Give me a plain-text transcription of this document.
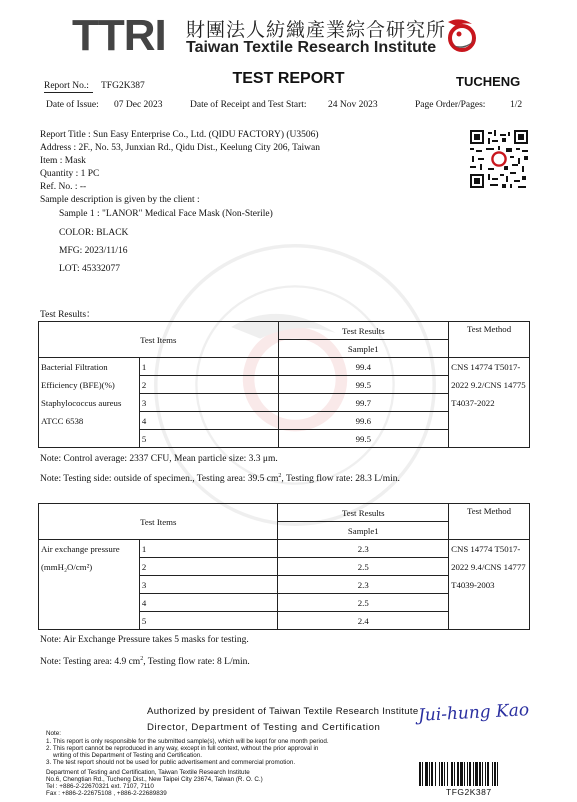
TTRI 財團法人紡織產業綜合研究所
Taiwan Textile Research Institute
TEST REPORT	TUCHENG
Report No.: TFG2K387
Date of Issue: 07 Dec 2023	Date of Receipt and Test Start: 24 Nov 2023	Page Order/Pages:	1/2
Report Title : Sun Easy Enterprise Co., Ltd. (QIDU FACTORY) (U3506)
Address : 2F., No. 53, Junxian Rd., Qidu Dist., Keelung City 206, Taiwan
Item : Mask
Quantity : 1 PC
Ref. No. : --
Sample description is given by the client :
Sample 1 : "LANOR" Medical Face Mask (Non-Sterile)
COLOR: BLACK
MFG: 2023/11/16
LOT: 45332077
Test Results：
Test Items		Test Results	Test Method
		Sample1	
Bacterial Filtration	1	99.4	CNS 14774 T5017-
Efficiency (BFE)(%)	2	99.5	2022 9.2/CNS 14775
Staphylococcus aureus	3	99.7	T4037-2022
ATCC 6538	4	99.6	
	5	99.5	
Note: Control average: 2337 CFU, Mean particle size: 3.3 μm.
Note: Testing side: outside of specimen., Testing area: 39.5 $cm^2$, Testing flow rate: 28.3 L/min.
Test Items		Test Results	Test Method
		Sample1	
Air exchange pressure	1	2.3	CNS 14774 T5017-
(mmH₂O/cm²)	2	2.5	2022 9.4/CNS 14777
	3	2.3	T4039-2003
	4	2.5	
	5	2.4	
Note: Air Exchange Pressure takes 5 masks for testing.
Note: Testing area: 4.9 $cm^2$, Testing flow rate: 8 L/min.
Authorized by president of Taiwan Textile Research Institute
Director, Department of Testing and Certification
Jui-hung Kao
Note:
1. This report is only responsible for the submitted sample(s), which will be kept for one month period.
2. This report cannot be reproduced in any way, except in full context, without the prior approval in
writing of this Department of Testing and Certification.
3. The test report should not be used for public advertisement and commercial promotion.
Department of Testing and Certification, Taiwan Textile Research Institute
No.6, Chengtian Rd., Tucheng Dist., New Taipei City 23674, Taiwan (R. O. C.)
Tel : +886-2-22670321 ext. 7107, 7110
Fax : +886-2-22675108 , +886-2-22689839	TFG2K387
